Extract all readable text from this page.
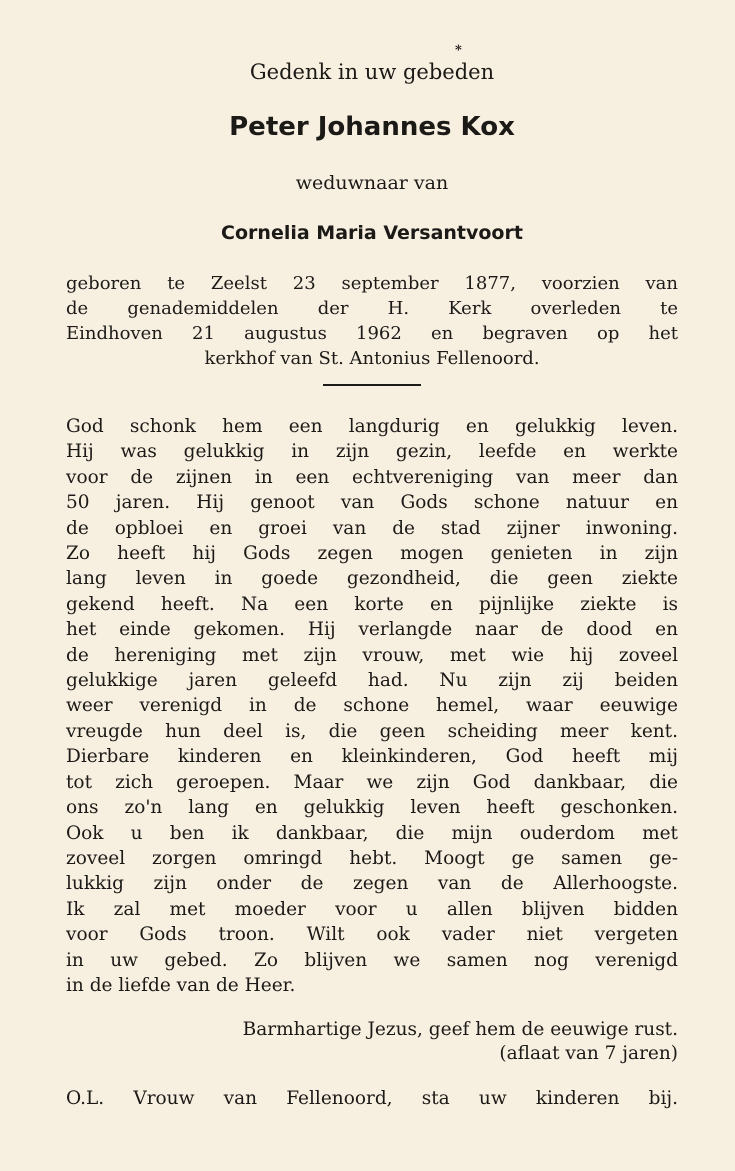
*

Gedenk in uw gebeden

Peter Johannes Kox

weduwnaar van

Cornelia Maria Versantvoort

geboren te Zeelst 23 september 1877, voorzien van
de genademiddelen der H. Kerk overleden te
Eindhoven 21 augustus 1962 en begraven op het
kerkhof van St. Antonius Fellenoord.
God schonk hem een langdurig en gelukkig leven.
Hij was gelukkig in zijn gezin, leefde en werkte
voor de zijnen in een echtvereniging van meer dan
50 jaren. Hij genoot van Gods schone natuur en
de opbloei en groei van de stad zijner inwoning.
Zo heeft hij Gods zegen mogen genieten in zijn
lang leven in goede gezondheid, die geen ziekte
gekend heeft. Na een korte en pijnlijke ziekte is
het einde gekomen. Hij verlangde naar de dood en
de hereniging met zijn vrouw, met wie hij zoveel
gelukkige jaren geleefd had. Nu zijn zij beiden
weer verenigd in de schone hemel, waar eeuwige
vreugde hun deel is, die geen scheiding meer kent.
Dierbare kinderen en kleinkinderen, God heeft mij
tot zich geroepen. Maar we zijn God dankbaar, die
ons zo'n lang en gelukkig leven heeft geschonken.
Ook u ben ik dankbaar, die mijn ouderdom met
zoveel zorgen omringd hebt. Moogt ge samen ge-
lukkig zijn onder de zegen van de Allerhoogste.
Ik zal met moeder voor u allen blijven bidden
voor Gods troon. Wilt ook vader niet vergeten
in uw gebed. Zo blijven we samen nog verenigd
in de liefde van de Heer.

Barmhartige Jezus, geef hem de eeuwige rust.

(aflaat van 7 jaren)

O.L. Vrouw van Fellenoord, sta uw kinderen bij.
